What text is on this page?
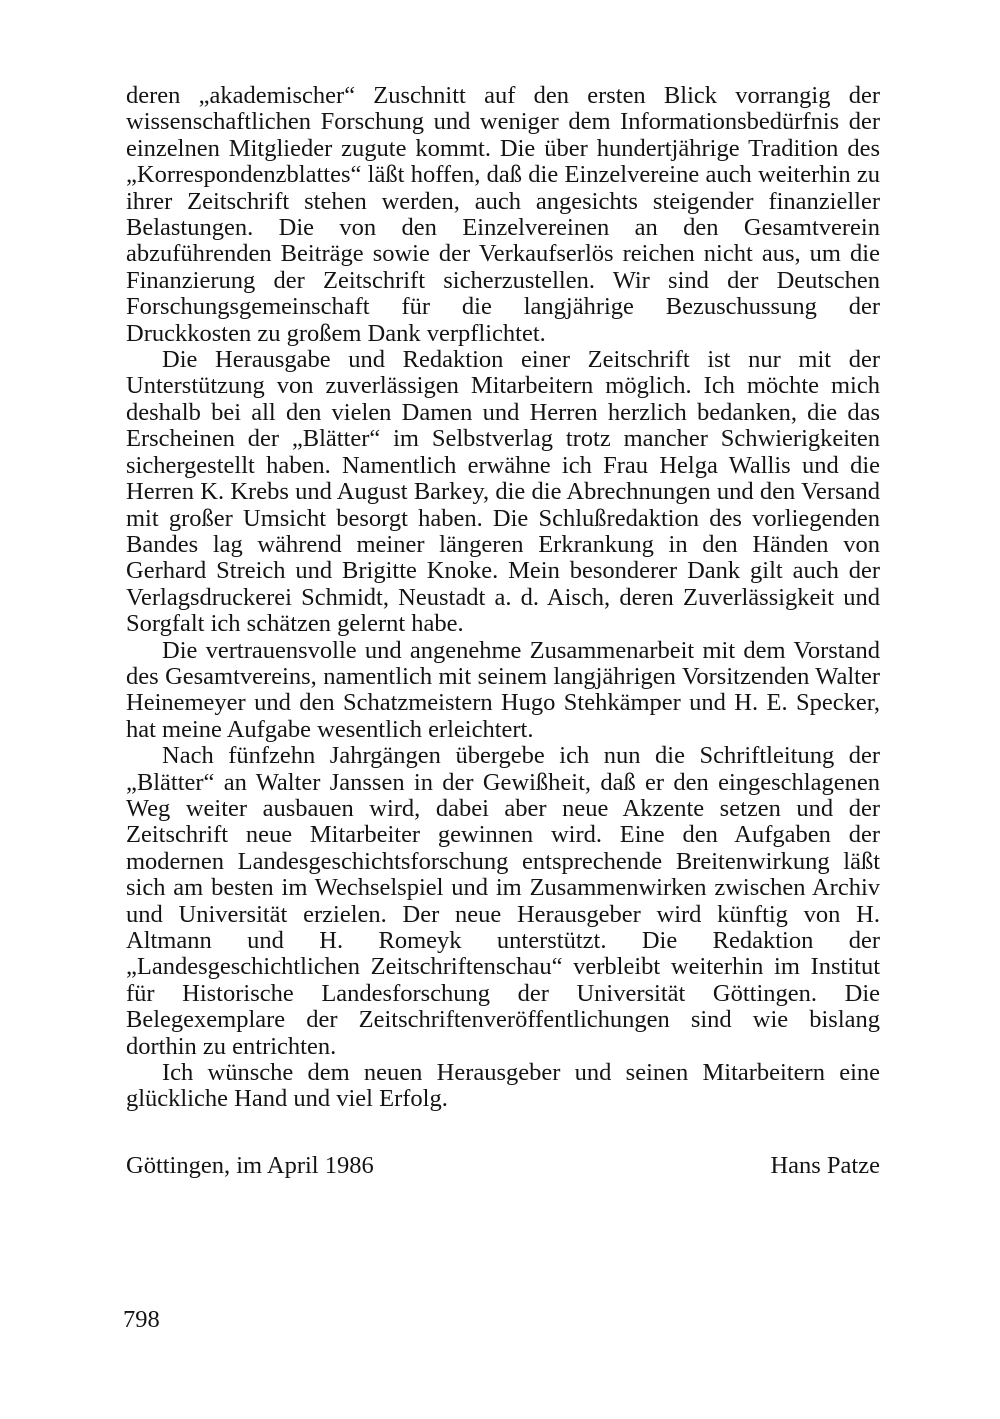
deren „akademischer“ Zuschnitt auf den ersten Blick vorrangig der wissenschaftlichen Forschung und weniger dem Informationsbedürfnis der einzelnen Mitglieder zugute kommt. Die über hundertjährige Tradition des „Korrespondenzblattes“ läßt hoffen, daß die Einzelvereine auch weiterhin zu ihrer Zeitschrift stehen werden, auch angesichts steigender finanzieller Belastungen. Die von den Einzelvereinen an den Gesamtverein abzuführenden Beiträge sowie der Verkaufserlös reichen nicht aus, um die Finanzierung der Zeitschrift sicherzustellen. Wir sind der Deutschen Forschungsgemeinschaft für die langjährige Bezuschussung der Druckkosten zu großem Dank verpflichtet.

Die Herausgabe und Redaktion einer Zeitschrift ist nur mit der Unterstützung von zuverlässigen Mitarbeitern möglich. Ich möchte mich deshalb bei all den vielen Damen und Herren herzlich bedanken, die das Erscheinen der „Blätter“ im Selbstverlag trotz mancher Schwierigkeiten sichergestellt haben. Namentlich erwähne ich Frau Helga Wallis und die Herren K. Krebs und August Barkey, die die Abrechnungen und den Versand mit großer Umsicht besorgt haben. Die Schlußredaktion des vorliegenden Bandes lag während meiner längeren Erkrankung in den Händen von Gerhard Streich und Brigitte Knoke. Mein besonderer Dank gilt auch der Verlagsdruckerei Schmidt, Neustadt a. d. Aisch, deren Zuverlässigkeit und Sorgfalt ich schätzen gelernt habe.

Die vertrauensvolle und angenehme Zusammenarbeit mit dem Vorstand des Gesamtvereins, namentlich mit seinem langjährigen Vorsitzenden Walter Heinemeyer und den Schatzmeistern Hugo Stehkämper und H. E. Specker, hat meine Aufgabe wesentlich erleichtert.

Nach fünfzehn Jahrgängen übergebe ich nun die Schriftleitung der „Blätter“ an Walter Janssen in der Gewißheit, daß er den eingeschlagenen Weg weiter ausbauen wird, dabei aber neue Akzente setzen und der Zeitschrift neue Mitarbeiter gewinnen wird. Eine den Aufgaben der modernen Landesgeschichtsforschung entsprechende Breitenwirkung läßt sich am besten im Wechselspiel und im Zusammenwirken zwischen Archiv und Universität erzielen. Der neue Herausgeber wird künftig von H. Altmann und H. Romeyk unterstützt. Die Redaktion der „Landesgeschichtlichen Zeitschriftenschau“ verbleibt weiterhin im Institut für Historische Landesforschung der Universität Göttingen. Die Belegexemplare der Zeitschriftenveröffentlichungen sind wie bislang dorthin zu entrichten.

Ich wünsche dem neuen Herausgeber und seinen Mitarbeitern eine glückliche Hand und viel Erfolg.

Göttingen, im April 1986	Hans Patze
798
